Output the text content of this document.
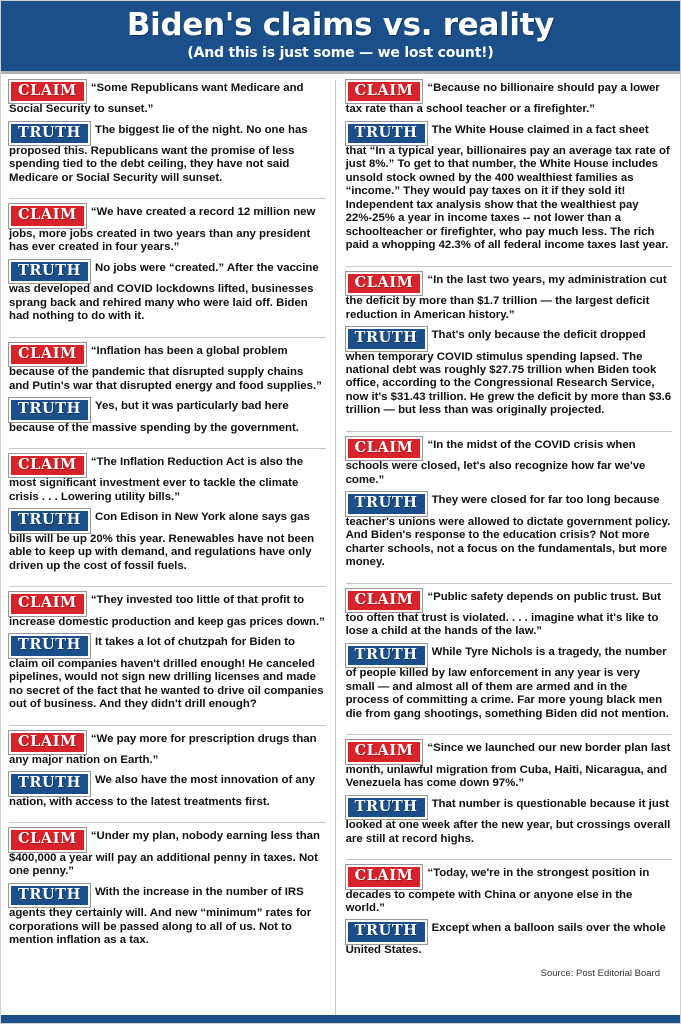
Biden's claims vs. reality
(And this is just some — we lost count!)

CLAIM “Some Republicans want Medicare and Social Security to sunset.”

TRUTH The biggest lie of the night. No one has proposed this. Republicans want the promise of less spending tied to the debt ceiling, they have not said Medicare or Social Security will sunset.

CLAIM “We have created a record 12 million new jobs, more jobs created in two years than any president has ever created in four years.”

TRUTH No jobs were “created.” After the vaccine was developed and COVID lockdowns lifted, businesses sprang back and rehired many who were laid off. Biden had nothing to do with it.

CLAIM “Inflation has been a global problem because of the pandemic that disrupted supply chains and Putin's war that disrupted energy and food supplies.”

TRUTH Yes, but it was particularly bad here because of the massive spending by the government.

CLAIM “The Inflation Reduction Act is also the most significant investment ever to tackle the climate crisis . . . Lowering utility bills.”

TRUTH Con Edison in New York alone says gas bills will be up 20% this year. Renewables have not been able to keep up with demand, and regulations have only driven up the cost of fossil fuels.

CLAIM “They invested too little of that profit to increase domestic production and keep gas prices down.”

TRUTH It takes a lot of chutzpah for Biden to claim oil companies haven't drilled enough! He canceled pipelines, would not sign new drilling licenses and made no secret of the fact that he wanted to drive oil companies out of business. And they didn't drill enough?

CLAIM “We pay more for prescription drugs than any major nation on Earth.”

TRUTH We also have the most innovation of any nation, with access to the latest treatments first.

CLAIM “Under my plan, nobody earning less than $400,000 a year will pay an additional penny in taxes. Not one penny.”

TRUTH With the increase in the number of IRS agents they certainly will. And new “minimum” rates for corporations will be passed along to all of us. Not to mention inflation as a tax.

CLAIM “Because no billionaire should pay a lower tax rate than a school teacher or a firefighter.”

TRUTH The White House claimed in a fact sheet that “In a typical year, billionaires pay an average tax rate of just 8%.” To get to that number, the White House includes unsold stock owned by the 400 wealthiest families as “income.” They would pay taxes on it if they sold it! Independent tax analysis show that the wealthiest pay 22%-25% a year in income taxes -- not lower than a schoolteacher or firefighter, who pay much less. The rich paid a whopping 42.3% of all federal income taxes last year.

CLAIM “In the last two years, my administration cut the deficit by more than $1.7 trillion — the largest deficit reduction in American history.”

TRUTH That's only because the deficit dropped when temporary COVID stimulus spending lapsed. The national debt was roughly $27.75 trillion when Biden took office, according to the Congressional Research Service, now it's $31.43 trillion. He grew the deficit by more than $3.6 trillion — but less than was originally projected.

CLAIM “In the midst of the COVID crisis when schools were closed, let's also recognize how far we've come.”

TRUTH They were closed for far too long because teacher's unions were allowed to dictate government policy. And Biden's response to the education crisis? Not more charter schools, not a focus on the fundamentals, but more money.

CLAIM “Public safety depends on public trust. But too often that trust is violated. . . . imagine what it's like to lose a child at the hands of the law.”

TRUTH While Tyre Nichols is a tragedy, the number of people killed by law enforcement in any year is very small — and almost all of them are armed and in the process of committing a crime. Far more young black men die from gang shootings, something Biden did not mention.

CLAIM “Since we launched our new border plan last month, unlawful migration from Cuba, Haiti, Nicaragua, and Venezuela has come down 97%.”

TRUTH That number is questionable because it just looked at one week after the new year, but crossings overall are still at record highs.

CLAIM “Today, we're in the strongest position in decades to compete with China or anyone else in the world.”

TRUTH Except when a balloon sails over the whole United States.

Source: Post Editorial Board
